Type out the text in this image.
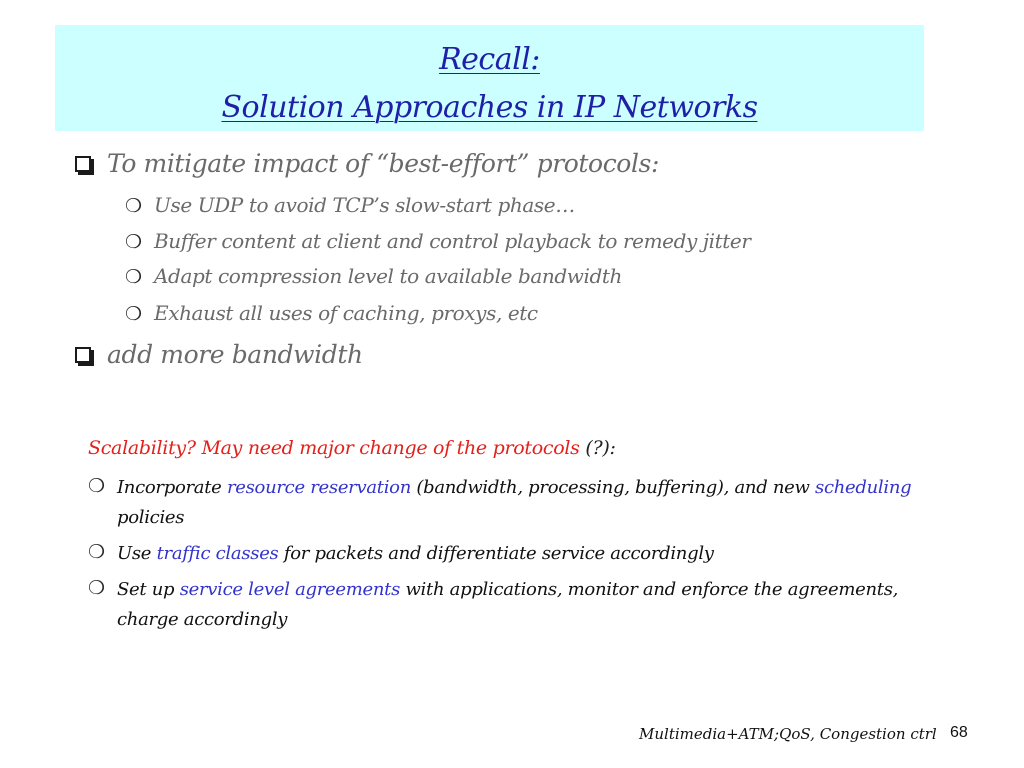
Recall:
Solution Approaches in IP Networks
To mitigate impact of “best-effort” protocols:
❍ Use UDP to avoid TCP’s slow-start phase…
❍ Buffer content at client and control playback to remedy jitter
❍ Adapt compression level to available bandwidth
❍ Exhaust all uses of caching, proxys, etc
add more bandwidth
Scalability? May need major change of the protocols (?):
❍ Incorporate resource reservation (bandwidth, processing, buffering), and new scheduling policies
❍ Use traffic classes for packets and differentiate service accordingly
❍ Set up service level agreements with applications, monitor and enforce the agreements, charge accordingly
Multimedia+ATM;QoS, Congestion ctrl 68
